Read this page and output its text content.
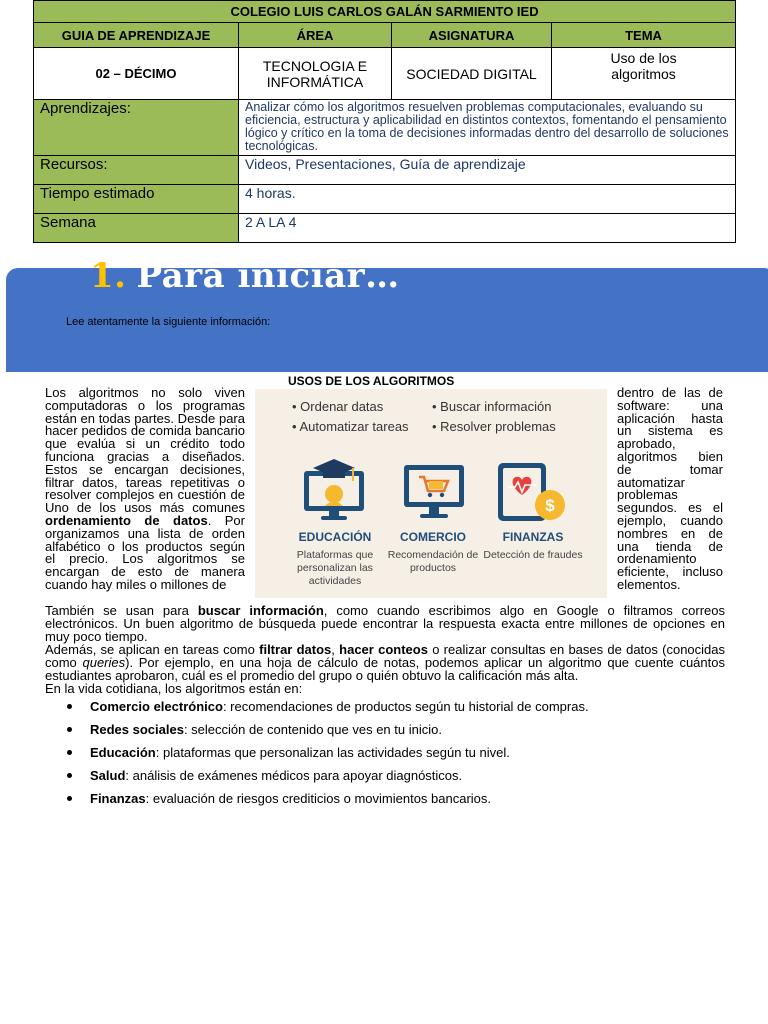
COLEGIO LUIS CARLOS GALÁN SARMIENTO IED			
GUIA DE APRENDIZAJE	ÁREA	ASIGNATURA	TEMA
02 – DÉCIMO	TECNOLOGIA E INFORMÁTICA	SOCIEDAD DIGITAL	Uso de los algoritmos
Aprendizajes:	Analizar cómo los algoritmos resuelven problemas computacionales, evaluando su eficiencia, estructura y aplicabilidad en distintos contextos, fomentando el pensamiento lógico y crítico en la toma de decisiones informadas dentro del desarrollo de soluciones tecnológicas.		
Recursos:	Videos, Presentaciones, Guía de aprendizaje		
Tiempo estimado	4 horas.		
Semana	2 A LA 4		
1. Para iniciar…
Lee atentamente la siguiente información:
USOS DE LOS ALGORITMOS
Los algoritmos no solo viven computadoras o los programas están en todas partes. Desde para hacer pedidos de comida bancario que evalúa si un crédito todo funciona gracias a diseñados. Estos se encargan decisiones, filtrar datos, tareas repetitivas o resolver complejos en cuestión de Uno de los usos más comunes ordenamiento de datos. Por organizamos una lista de orden alfabético o los productos según el precio. Los algoritmos se encargan de esto de manera cuando hay miles o millones de
dentro de las de software: una aplicación hasta un sistema es aprobado, algoritmos bien de tomar automatizar problemas segundos. es el ejemplo, cuando nombres en de una tienda de ordenamiento eficiente, incluso elementos.
También se usan para buscar información, como cuando escribimos algo en Google o filtramos correos electrónicos. Un buen algoritmo de búsqueda puede encontrar la respuesta exacta entre millones de opciones en muy poco tiempo.
Además, se aplican en tareas como filtrar datos, hacer conteos o realizar consultas en bases de datos (conocidas como queries). Por ejemplo, en una hoja de cálculo de notas, podemos aplicar un algoritmo que cuente cuántos estudiantes aprobaron, cuál es el promedio del grupo o quién obtuvo la calificación más alta.
En la vida cotidiana, los algoritmos están en:
Comercio electrónico : recomendaciones de productos según tu historial de compras.
Redes sociales : selección de contenido que ves en tu inicio.
Educación : plataformas que personalizan las actividades según tu nivel.
Salud : análisis de exámenes médicos para apoyar diagnósticos.
Finanzas : evaluación de riesgos crediticios o movimientos bancarios.
• Ordenar datas	• Buscar información
• Automatizar tareas • Resolver problemas
$
EDUCACIÓN	COMERCIO	FINANZAS
Plataformas que personalizan las actividades
Recomendación de productos
Detección de fraudes
